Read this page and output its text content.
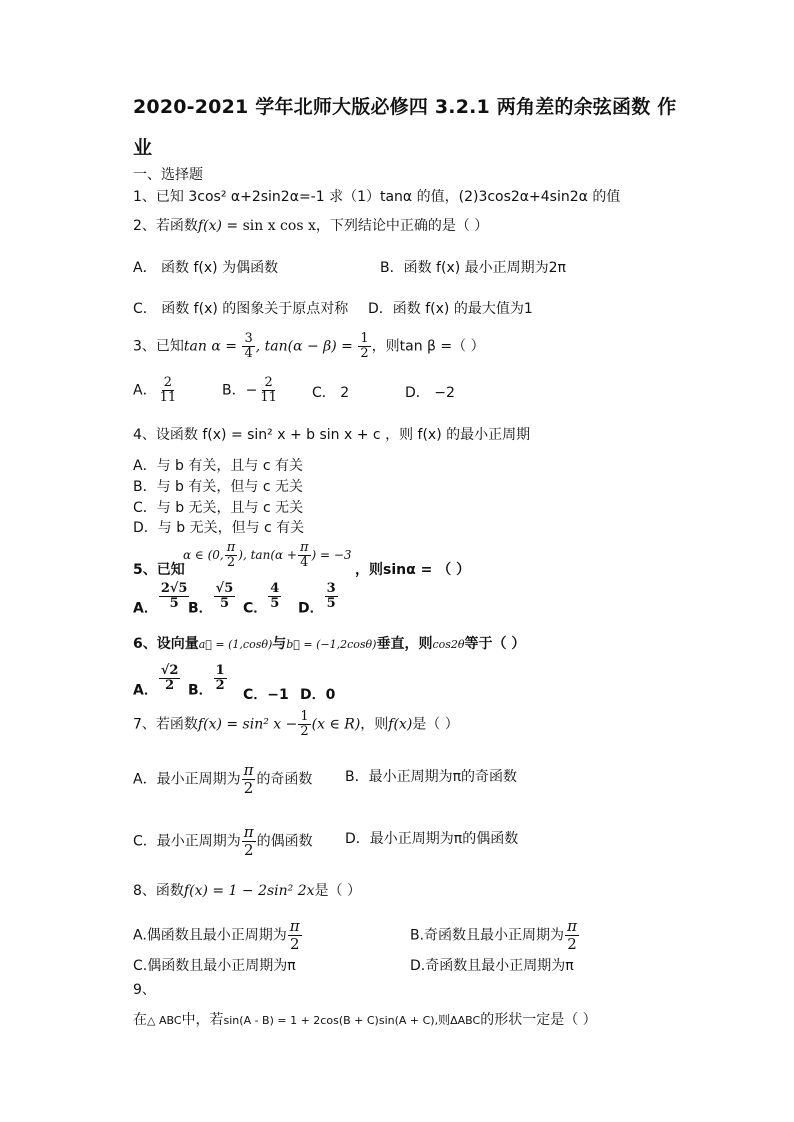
2020-2021 学年北师大版必修四 3.2.1 两角差的余弦函数 作
业
一、选择题
1、已知 3cos² α+2sin2α=-1 求（1）tanα 的值，(2)3cos2α+4sin2α 的值
2、若函数f(x) = sin x cos x，下列结论中正确的是（ ）
A． 函数 f(x) 为偶函数	B．函数 f(x) 最小正周期为2π
C． 函数 f(x) 的图象关于原点对称 D．函数 f(x) 的最大值为1
3、已知$\tan \alpha = \frac{3}{4}$ , $\tan(\alpha - \beta) = \frac{1}{2}$ ，则tan β =（ ）
A． $\frac{2}{11}$	B．− $\frac{2}{11}$ C． 2	D． −2
4、设函数 f(x) = sin² x + b sin x + c ，则 f(x) 的最小正周期
A．与 b 有关，且与 c 有关
B．与 b 有关，但与 c 无关
C．与 b 无关，且与 c 无关
D．与 b 无关，但与 c 有关
5、已知
α ∈ (0, $\frac{\pi}{2}$ ), $\tan(\alpha + \frac{\pi}{4}$ ) = −3
，则sinα = （ ）
A． $\frac{2√5}{5}$
B． $\frac{√5}{5}$ C． $\frac{4}{5}$ D． $\frac{3}{5}$
6、设向量a⃗ = (1,cosθ)与b⃗ = (−1,2cosθ)垂直，则cos2θ等于（ ）
A． $\frac{√2}{2}$ B． $\frac{1}{2}$
C．−1 D．0
7、若函数f(x) = sin² $x - \frac{1}{2} (x$ ∈ R)，则f(x)是（ ）
A．最小正周期为 $\frac{\pi}{2}$ 的奇函数 B．最小正周期为π的奇函数
C．最小正周期为 $\frac{\pi}{2}$ 的偶函数 D．最小正周期为π的偶函数
8、函数f(x) = 1 − 2sin² 2x是（ ）
A.偶函数且最小正周期为 $\frac{\pi}{2}$	B.奇函数且最小正周期为 $\frac{\pi}{2}$
C.偶函数且最小正周期为π	D.奇函数且最小正周期为π
9、
在△ ABC中，若sin(A - B) = 1 + 2cos(B + C)sin(A + C),则ΔABC的形状一定是（ ）
